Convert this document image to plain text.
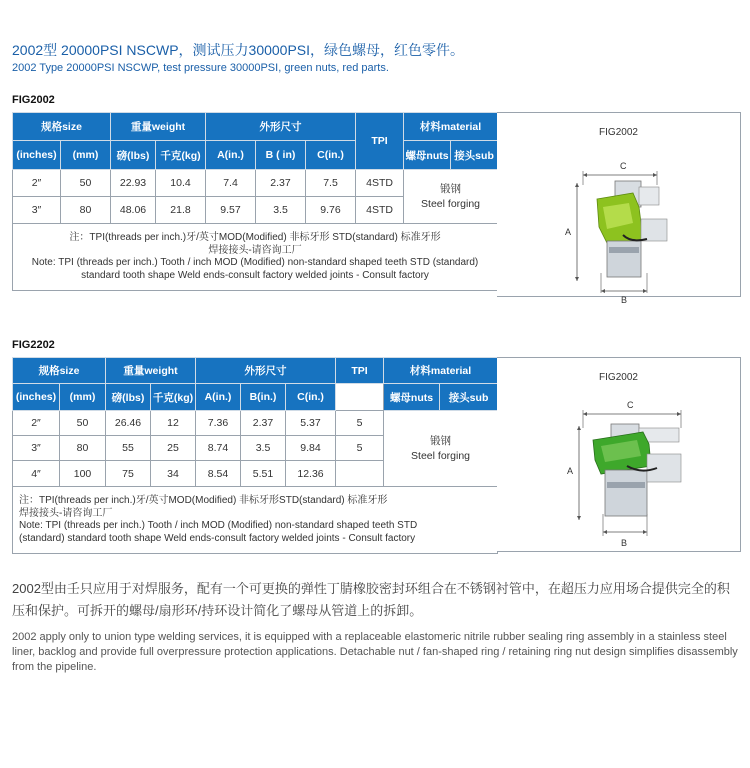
2002型 20000PSI NSCWP，测试压力30000PSI，绿色螺母，红色零件。
2002 Type 20000PSI NSCWP, test pressure 30000PSI, green nuts, red parts.
FIG2002
规格size		重量weight		外形尺寸			TPI	材料material	
(inches)	(mm)	磅(lbs)	千克(kg)	A(in.)	B ( in)	C(in.)		螺母nuts	接头sub
2″	50	22.93	10.4	7.4	2.37	7.5	4STD	锻钢
Steel forging	

3″	80	48.06	21.8	9.57	3.5	9.76	4STD		

注：TPI(threads per inch.)牙/英寸MOD(Modified) 非标牙形 STD(standard) 标准牙形
焊接接头-请咨询工厂
Note: TPI (threads per inch.) Tooth / inch MOD (Modified) non-standard shaped teeth STD (standard)
standard tooth shape Weld ends-consult factory welded joints - Consult factory									
FIG2002
C
A
B
FIG2202
规格size		重量weight		外形尺寸			TPI	材料material	
(inches)	(mm)	磅(lbs)	千克(kg)	A(in.)	B(in.)	C(in.)		螺母nuts	接头sub
2″	50	26.46	12	7.36	2.37	5.37	5	锻钢
Steel forging	

3″	80	55	25	8.74	3.5	9.84	5		
4″	100	75	34	8.54	5.51	12.36			

注：TPI(threads per inch.)牙/英寸MOD(Modified) 非标牙形STD(standard) 标准牙形
焊接接头-请咨询工厂
Note: TPI (threads per inch.) Tooth / inch MOD (Modified) non-standard shaped teeth STD
(standard) standard tooth shape Weld ends-consult factory welded joints - Consult factory									
FIG2002
C
A
B
2002型由壬只应用于对焊服务，配有一个可更换的弹性丁腈橡胶密封环组合在不锈钢衬管中，在超压力应用场合提供完全的积压和保护。可拆开的螺母/扇形环/持环设计简化了螺母从管道上的拆卸。
2002 apply only to union type welding services, it is equipped with a replaceable elastomeric nitrile rubber sealing ring assembly in a stainless steel liner, backlog and provide full overpressure protection applications. Detachable nut / fan-shaped ring / retaining ring nut design simplifies disassembly from the pipeline.
